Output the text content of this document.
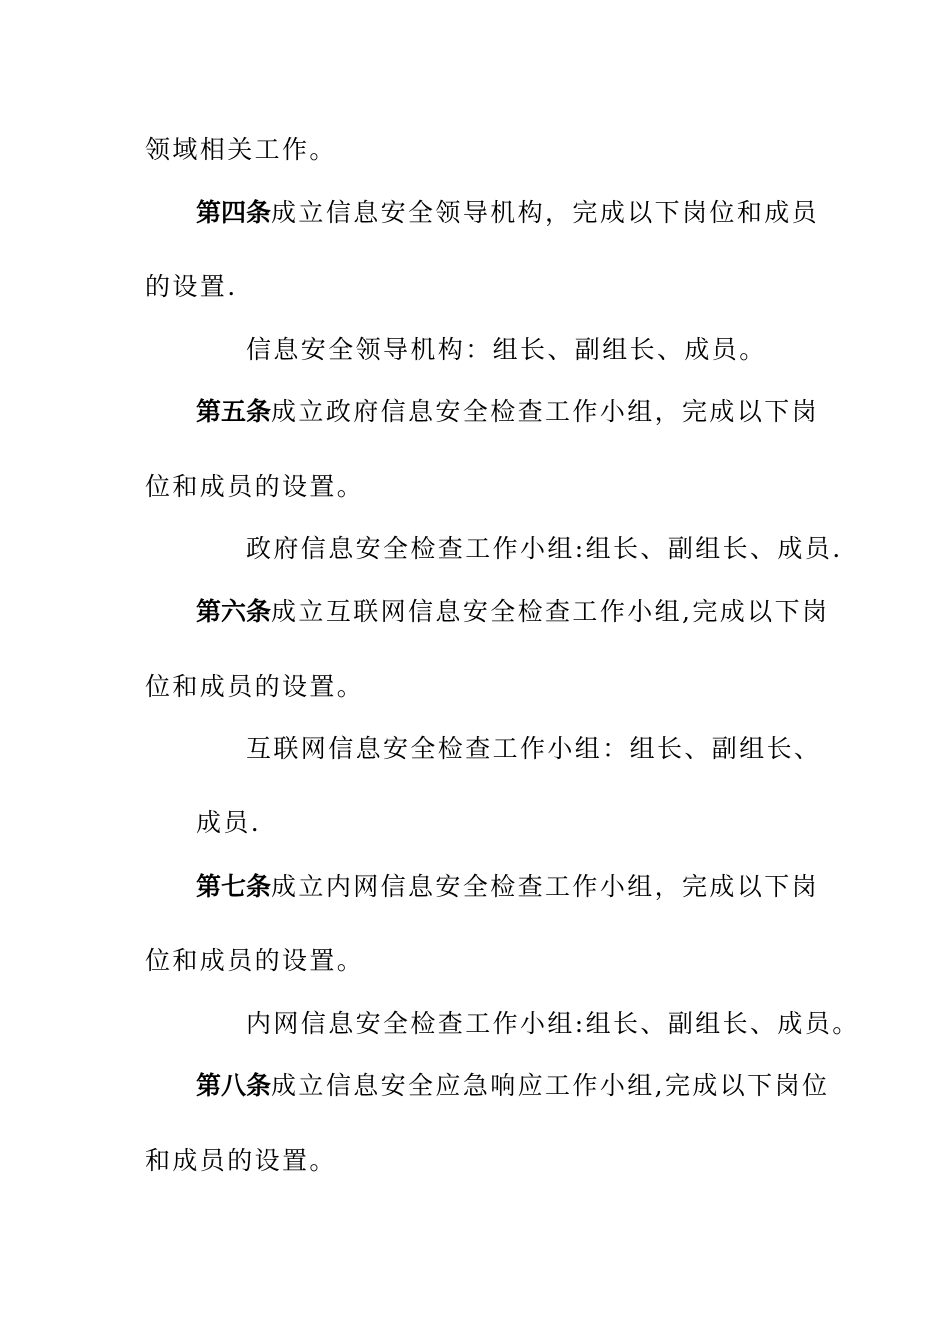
领域相关工作。
第四条成立信息安全领导机构，完成以下岗位和成员
的设置.
信息安全领导机构：组长、副组长、成员。
第五条成立政府信息安全检查工作小组，完成以下岗
位和成员的设置。
政府信息安全检查工作小组:组长、副组长、成员.
第六条成立互联网信息安全检查工作小组,完成以下岗
位和成员的设置。
互联网信息安全检查工作小组：组长、副组长、
成员.
第七条成立内网信息安全检查工作小组，完成以下岗
位和成员的设置。
内网信息安全检查工作小组:组长、副组长、成员。
第八条成立信息安全应急响应工作小组,完成以下岗位
和成员的设置。
